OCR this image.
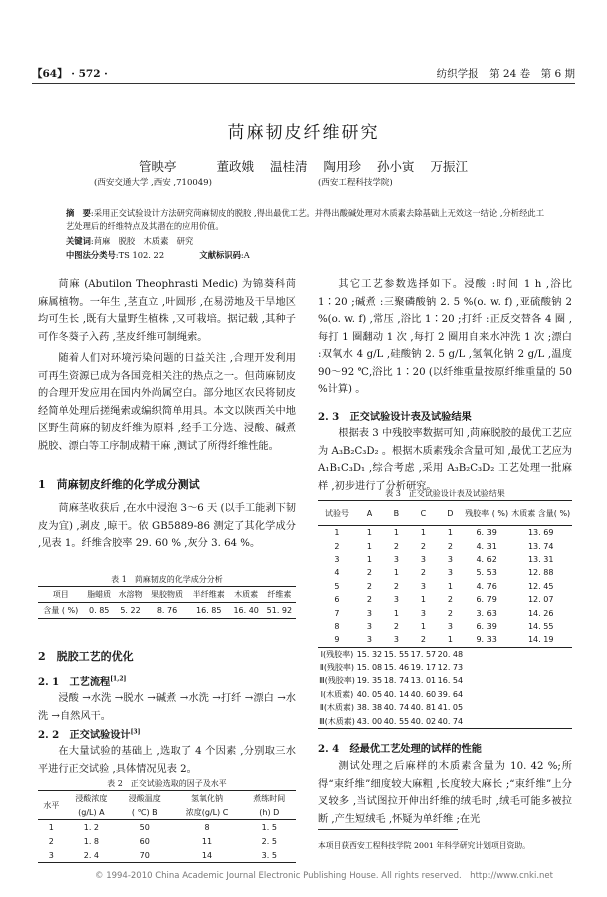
【64】 · 572 ·	纺织学报　第 24 卷　第 6 期
苘麻韧皮纤维研究
管映亭	董政娥 温桂清 陶用珍 孙小寅 万振江
(西安交通大学 ,西安 ,710049)	(西安工程科技学院)
摘　要:采用正交试验设计方法研究苘麻韧皮的脱胶 ,得出最优工艺。并得出酸碱处理对木质素去除基础上无效这一结论 ,分析经此工艺处理后的纤维特点及其潜在的应用价值。
关键词:苘麻　脱胶　木质素　研究
中图法分类号:TS 102. 22	文献标识码:A

苘麻 (Abutilon Theophrasti Medic) 为锦葵科苘麻属植物。一年生 ,茎直立 ,叶圆形 ,在易涝地及干旱地区均可生长 ,既有大量野生植株 ,又可栽培。据记载 ,其种子可作冬葵子入药 ,茎皮纤维可制绳索。

随着人们对环境污染问题的日益关注 ,合理开发利用可再生资源已成为各国竞相关注的热点之一。但苘麻韧皮的合理开发应用在国内外尚属空白。部分地区农民将韧皮经简单处理后搓绳索或编织简单用具。本文以陕西关中地区野生苘麻的韧皮纤维为原料 ,经手工分选、浸酸、碱煮脱胶、漂白等工序制成精干麻 ,测试了所得纤维性能。

1　苘麻韧皮纤维的化学成分测试

苘麻茎收获后 ,在水中浸泡 3～6 天 (以手工能剥下韧皮为宜) ,剥皮 ,晾干。依 GB5889-86 测定了其化学成分 ,见表 1。纤维含胶率 29. 60 % ,灰分 3. 64 %。

表 1　苘麻韧皮的化学成分分析
项目	脂蜡质	水溶物	果胶物质	半纤维素	木质素	纤维素
含量 ( %)	0. 85	5. 22	8. 76	16. 85	16. 40	51. 92
2　脱胶工艺的优化
2. 1　工艺流程[1,2]

浸酸 →水洗 →脱水 →碱煮 →水洗 →打纤 →漂白 →水洗 →自然风干。

2. 2　正交试验设计[3]

在大量试验的基础上 ,选取了 4 个因素 ,分别取三水平进行正交试验 ,具体情况见表 2。

表 2　正交试验选取的因子及水平
水平	浸酸浓度	浸酸温度	氢氧化钠	煮练时间
	(g/L) A	( ℃) B	浓度(g/L) C	(h) D
1	1. 2	50	8	1. 5
2	1. 8	60	11	2. 5
3	2. 4	70	14	3. 5

其它工艺参数选择如下。浸酸 :时间 1 h ,浴比 1∶20 ;碱煮 :三聚磷酸钠 2. 5 %(o. w. f) ,亚硫酸钠 2 %(o. w. f) ,常压 ,浴比 1∶20 ;打纤 :正反交替各 4 圈 ,每打 1 圈翻动 1 次 ,每打 2 圈用自来水冲洗 1 次 ;漂白 :双氧水 4 g/L ,硅酸钠 2. 5 g/L ,氢氧化钠 2 g/L ,温度 90～92 ℃,浴比 1∶20 (以纤维重量按原纤维重量的 50 %计算) 。

2. 3　正交试验设计表及试验结果

根据表 3 中残胶率数据可知 ,苘麻脱胶的最优工艺应为 A₃B₂C₃D₂ 。根据木质素残余含量可知 ,最优工艺应为 A₁B₁C₃D₁ ,综合考虑 ,采用 A₃B₂C₃D₂ 工艺处理一批麻样 ,初步进行了分析研究。

表 3　正交试验设计表及试验结果
试验号	A	B	C	D	残胶率 ( %)	木质素 含量( %)
1	1	1	1	1	6. 39	13. 69
2	1	2	2	2	4. 31	13. 74
3	1	3	3	3	4. 62	13. 31
4	2	1	2	3	5. 53	12. 88
5	2	2	3	1	4. 76	12. 45
6	2	3	1	2	6. 79	12. 07
7	3	1	3	2	3. 63	14. 26
8	3	2	1	3	6. 39	14. 55
9	3	3	2	1	9. 33	14. 19
Ⅰ(残胶率)	15. 32	15. 55	17. 57	20. 48		
Ⅱ(残胶率)	15. 08	15. 46	19. 17	12. 73		
Ⅲ(残胶率)	19. 35	18. 74	13. 01	16. 54		
Ⅰ(木质素)	40. 05	40. 14	40. 60	39. 64		
Ⅱ(木质素)	38. 38	40. 74	40. 81	41. 05		
Ⅲ(木质素)	43. 00	40. 55	40. 02	40. 74		
2. 4　经最优工艺处理的试样的性能

测试处理之后麻样的木质素含量为 10. 42 %;所得“束纤维”细度较大麻粗 ,长度较大麻长 ;“束纤维”上分叉较多 ,当试图拉开伸出纤维的绒毛时 ,绒毛可能多被拉断 ,产生短绒毛 ,怀疑为单纤维 ;在光

本项目获西安工程科技学院 2001 年科学研究计划项目资助。
© 1994-2010 China Academic Journal Electronic Publishing House. All rights reserved.　http://www.cnki.net
